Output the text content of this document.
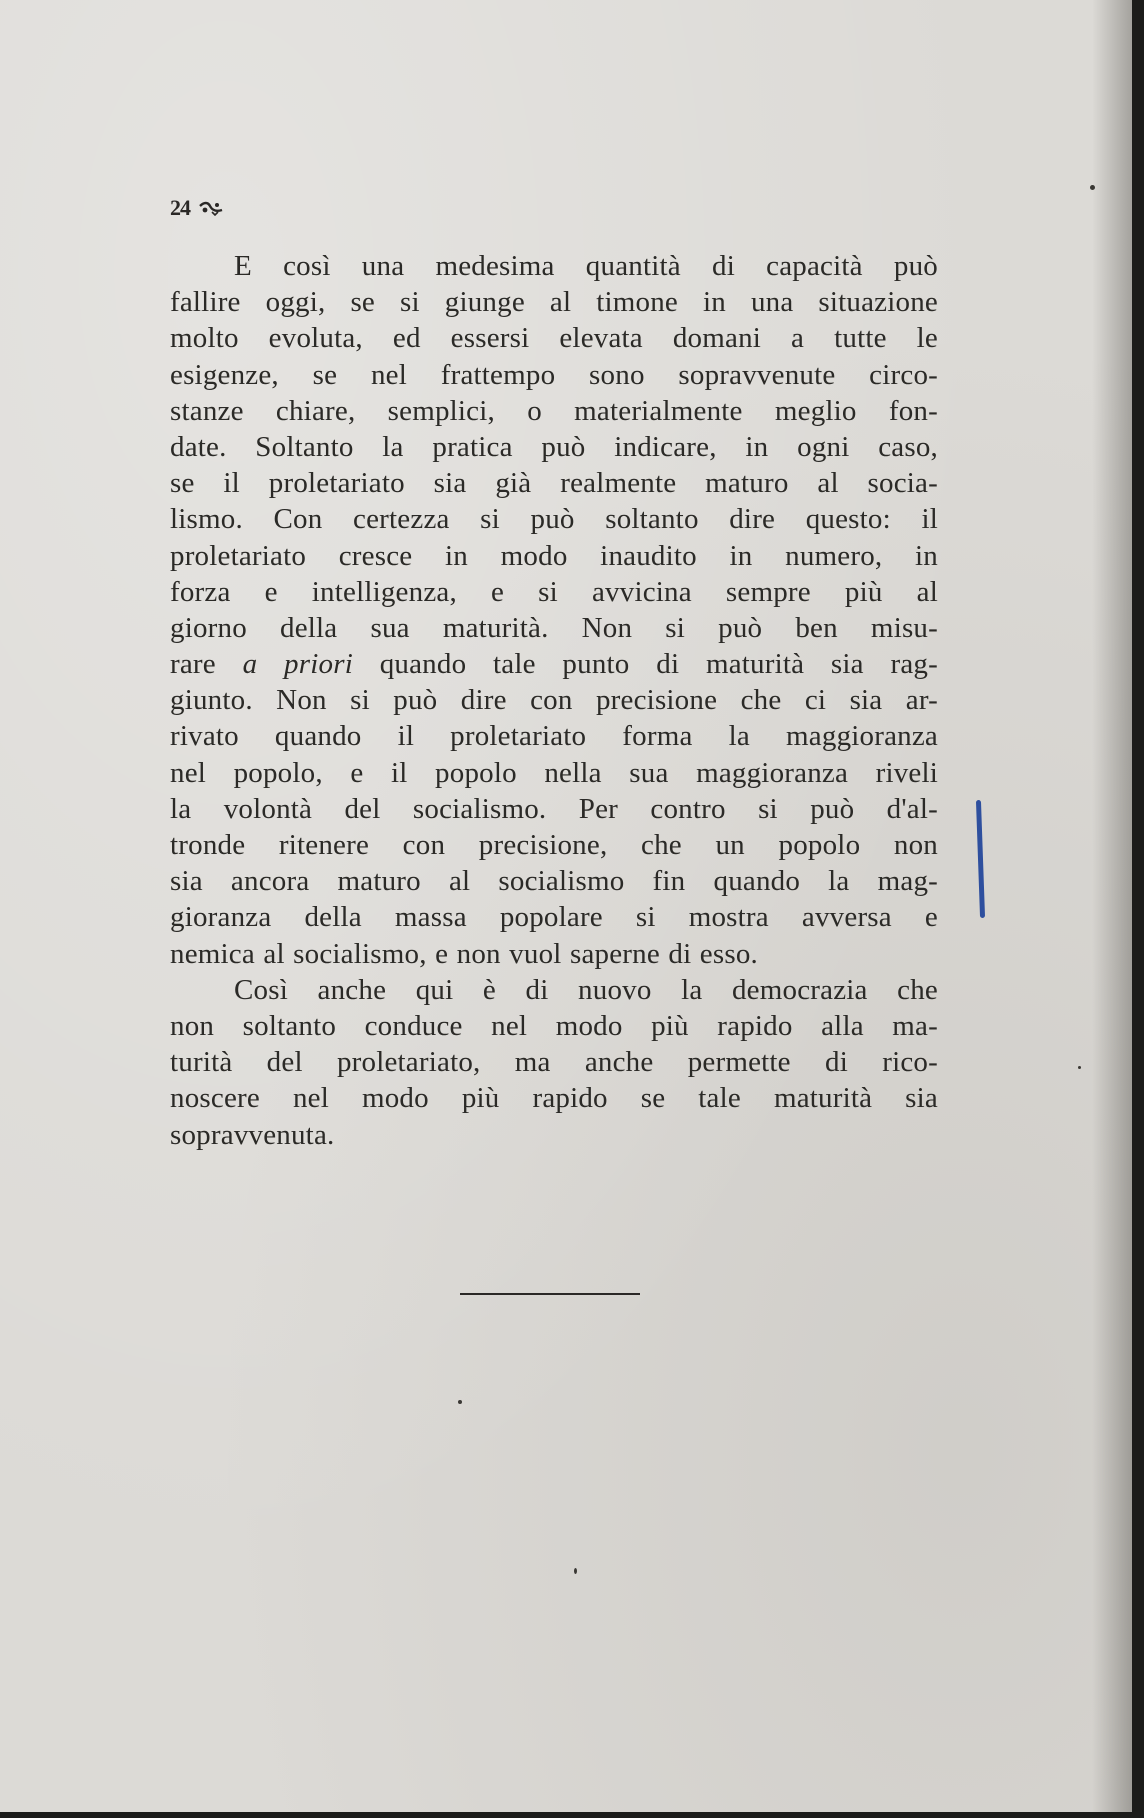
24
E così una medesima quantità di capacità può
fallire oggi, se si giunge al timone in una situazione
molto evoluta, ed essersi elevata domani a tutte le
esigenze, se nel frattempo sono sopravvenute circo-
stanze chiare, semplici, o materialmente meglio fon-
date. Soltanto la pratica può indicare, in ogni caso,
se il proletariato sia già realmente maturo al socia-
lismo. Con certezza si può soltanto dire questo: il
proletariato cresce in modo inaudito in numero, in
forza e intelligenza, e si avvicina sempre più al
giorno della sua maturità. Non si può ben misu-
rare a priori quando tale punto di maturità sia rag-
giunto. Non si può dire con precisione che ci sia ar-
rivato quando il proletariato forma la maggioranza
nel popolo, e il popolo nella sua maggioranza riveli
la volontà del socialismo. Per contro si può d'al-
tronde ritenere con precisione, che un popolo non
sia ancora maturo al socialismo fin quando la mag-
gioranza della massa popolare si mostra avversa e
nemica al socialismo, e non vuol saperne di esso.
Così anche qui è di nuovo la democrazia che
non soltanto conduce nel modo più rapido alla ma-
turità del proletariato, ma anche permette di rico-
noscere nel modo più rapido se tale maturità sia
sopravvenuta.
